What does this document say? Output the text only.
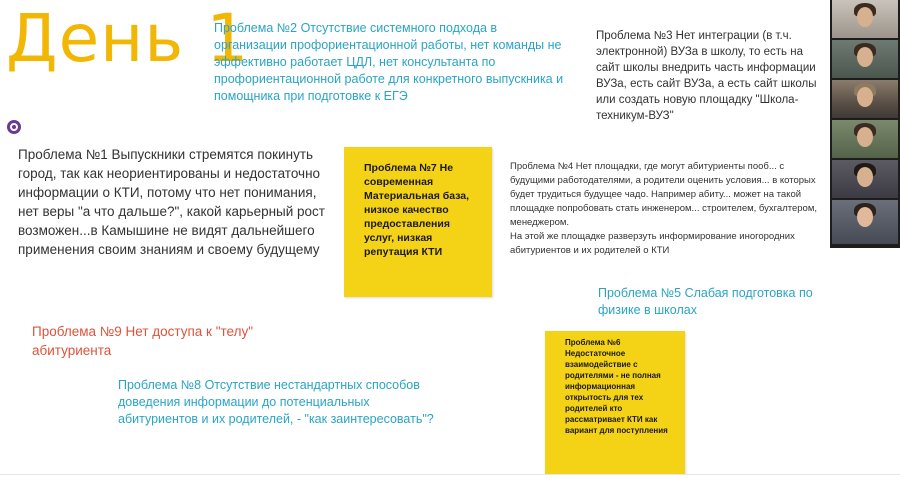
День 1
Проблема №2 Отсутствие системного подхода в организации профориентационной работы, нет команды не эффективно работает ЦДЛ, нет консультанта по профориентационной работе для конкретного выпускника и помощника при подготовке к ЕГЭ
Проблема №3 Нет интеграции (в т.ч. электронной) ВУЗа в школу, то есть на сайт школы внедрить часть информации ВУЗа, есть сайт ВУЗа, а есть сайт школы или создать новую площадку "Школа-техникум-ВУЗ"
Проблема №1 Выпускники стремятся покинуть город, так как неориентированы и недостаточно информации о КТИ, потому что нет понимания, нет веры "а что дальше?", какой карьерный рост возможен...в Камышине не видят дальнейшего применения своим знаниям и своему будущему
Проблема №7 Не современная Материальная база, низкое качество предоставления услуг, низкая репутация КТИ
Проблема №4 Нет площадки, где могут абитуриенты пооб... с будущими работодателями, а родители оценить условия... в которых будет трудиться будущее чадо. Например абиту... может на такой площадке попробовать стать инженером... строителем, бухгалтером, менеджером.
На этой же площадке разверзуть информирование иногородних абитуриентов и их родителей о КТИ
Проблема №5 Слабая подготовка по физике в школах
Проблема №9 Нет доступа к "телу" абитуриента
Проблема №8 Отсутствие нестандартных способов доведения информации до потенциальных абитуриентов и их родителей, - "как заинтересовать"?
Проблема №6 Недостаточное взаимодействие с родителями - не полная информационная открытость для тех родителей кто рассматривает КТИ как вариант для поступления
